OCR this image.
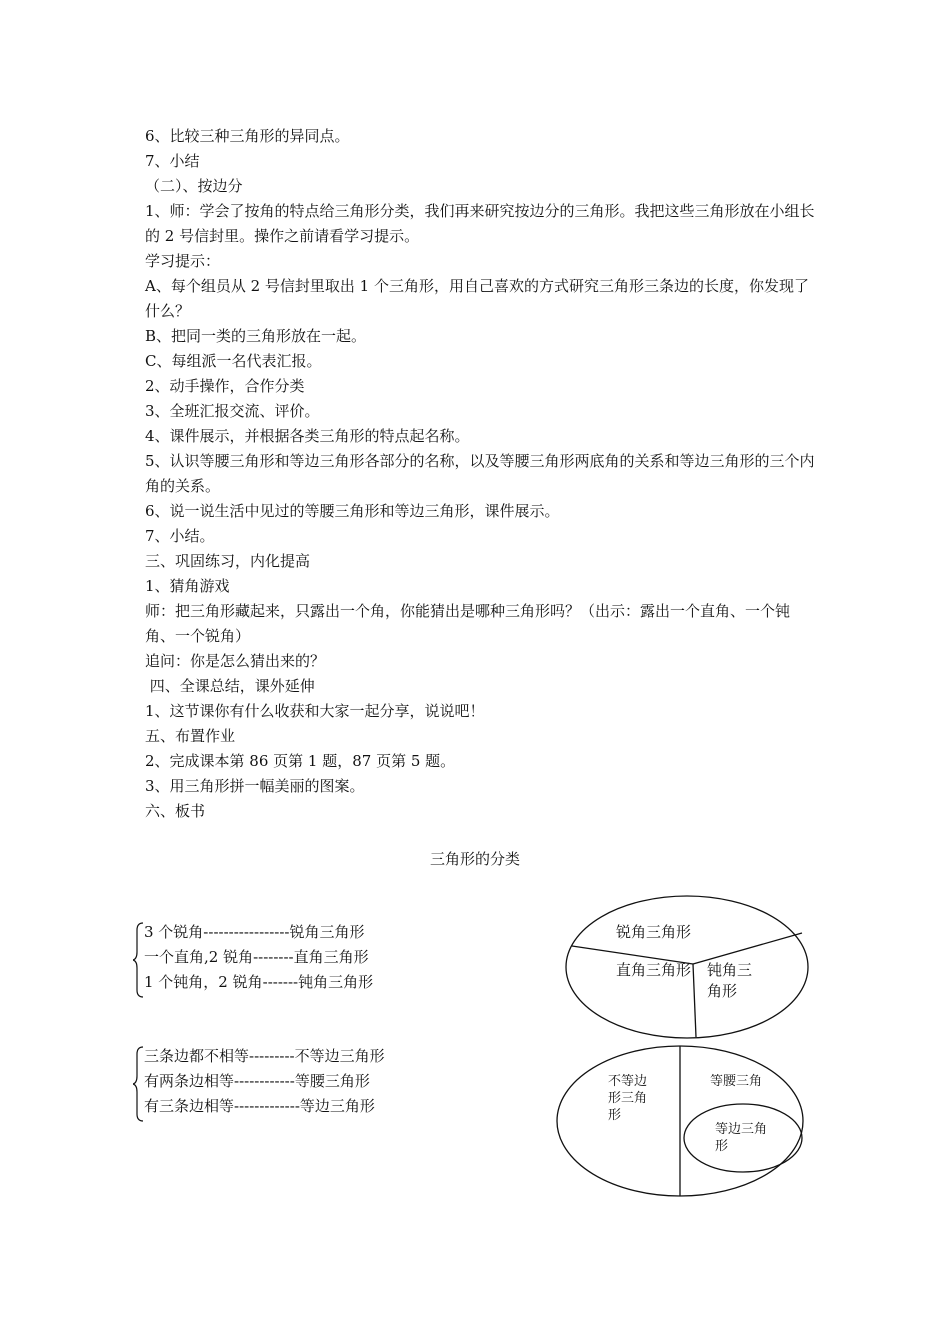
6、比较三种三角形的异同点。

7、小结

（二）、按边分

1、师：学会了按角的特点给三角形分类，我们再来研究按边分的三角形。我把这些三角形放在小组长的 2 号信封里。操作之前请看学习提示。

学习提示：

A、每个组员从 2 号信封里取出 1 个三角形，用自己喜欢的方式研究三角形三条边的长度，你发现了什么？

B、把同一类的三角形放在一起。

C、每组派一名代表汇报。

2、动手操作，合作分类

3、全班汇报交流、评价。

4、课件展示，并根据各类三角形的特点起名称。

5、认识等腰三角形和等边三角形各部分的名称，以及等腰三角形两底角的关系和等边三角形的三个内角的关系。

6、说一说生活中见过的等腰三角形和等边三角形，课件展示。

7、小结。

三、巩固练习，内化提高

1、猜角游戏

师：把三角形藏起来，只露出一个角，你能猜出是哪种三角形吗？（出示：露出一个直角、一个钝角、一个锐角）

追问：你是怎么猜出来的？

四、全课总结，课外延伸

1、这节课你有什么收获和大家一起分享，说说吧！

五、布置作业

2、完成课本第 86 页第 1 题，87 页第 5 题。

3、用三角形拼一幅美丽的图案。

六、板书

三角形的分类
3 个锐角-----------------锐角三角形
一个直角,2 锐角--------直角三角形
1 个钝角，2 锐角-------钝角三角形
三条边都不相等---------不等边三角形
有两条边相等------------等腰三角形
有三条边相等-------------等边三角形
锐角三角形
直角三角形 钝角三角形
不等边形三角形
等腰三角
等边三角形
